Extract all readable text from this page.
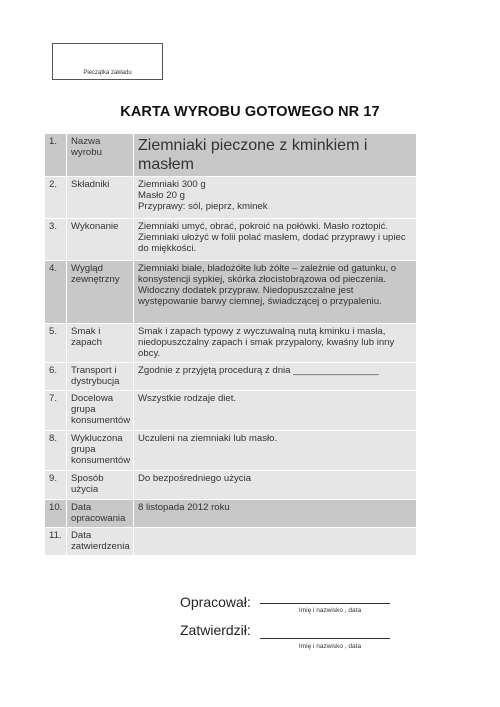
Pieczątka zakładu
KARTA WYROBU GOTOWEGO NR 17
1.	Nazwa wyrobu	Ziemniaki pieczone z kminkiem i masłem
2.	Składniki	Ziemniaki 300 g
Masło 20 g
Przyprawy: sól, pieprz, kminek
3.	Wykonanie	Ziemniaki umyć, obrać, pokroić na połówki. Masło roztopić. Ziemniaki ułożyć w folii polać masłem, dodać przyprawy i upiec do miękkości.
4.	Wygląd zewnętrzny	Ziemniaki białe, bladożółte lub żółte – zależnie od gatunku, o konsystencji sypkiej, skórka złocistobrązowa od pieczenia. Widoczny dodatek przypraw. Niedopuszczalne jest występowanie barwy ciemnej, świadczącej o przypaleniu.
5.	Smak i zapach	Smak i zapach typowy z wyczuwalną nutą kminku i masła, niedopuszczalny zapach i smak przypalony, kwaśny lub inny obcy.
6.	Transport i dystrybucja	Zgodnie z przyjętą procedurą z dnia ________________
7.	Docelowa grupa konsumentów	Wszystkie rodzaje diet.
8.	Wykluczona grupa konsumentów	Uczuleni na ziemniaki lub masło.
9.	Sposób użycia	Do bezpośredniego użycia
10.	Data opracowania	8 listopada 2012 roku
11.	Data zatwierdzenia	
Opracował:
Imię i nazwisko , data
Zatwierdził:
Imię i nazwisko , data
